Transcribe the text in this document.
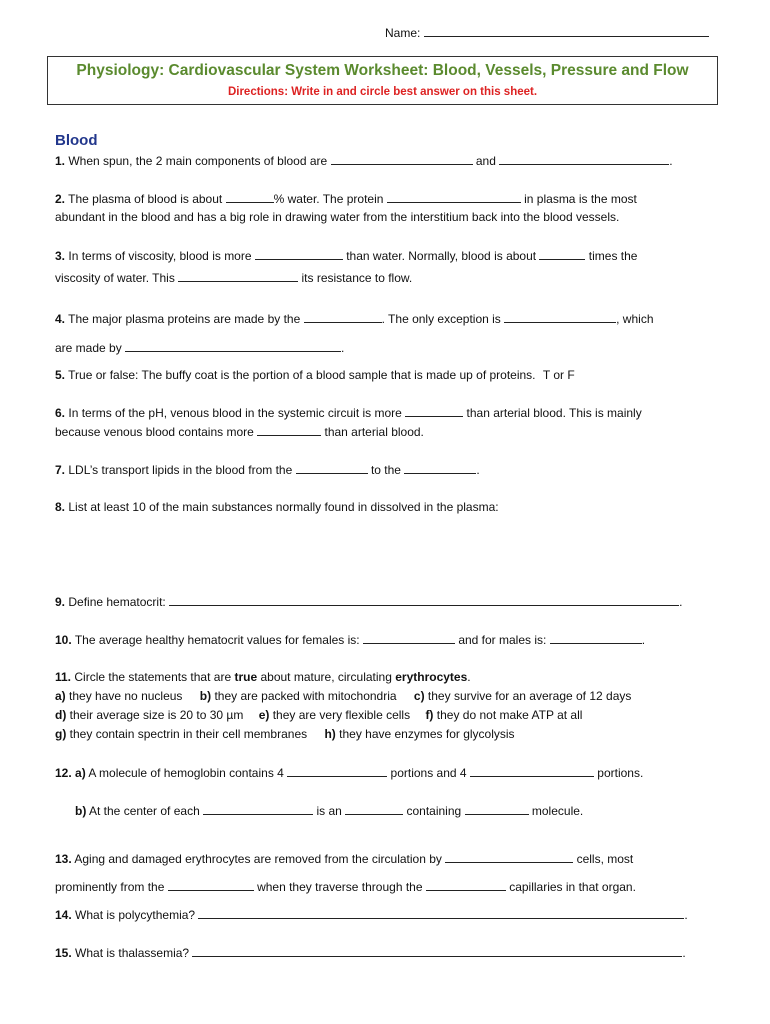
Name:
Physiology: Cardiovascular System Worksheet: Blood, Vessels, Pressure and Flow
Directions: Write in and circle best answer on this sheet.
Blood
1. When spun, the 2 main components of blood are	and	.
2. The plasma of blood is about	% water. The protein	in plasma is the most
abundant in the blood and has a big role in drawing water from the interstitium back into the blood vessels.
3. In terms of viscosity, blood is more	than water. Normally, blood is about	times the
viscosity of water. This	its resistance to flow.
4. The major plasma proteins are made by the	. The only exception is	, which
are made by	.
5. True or false: The buffy coat is the portion of a blood sample that is made up of proteins. T or F
6. In terms of the pH, venous blood in the systemic circuit is more	than arterial blood. This is mainly
because venous blood contains more	than arterial blood.
7. LDL’s transport lipids in the blood from the	to the	.
8. List at least 10 of the main substances normally found in dissolved in the plasma:
9. Define hematocrit:	.
10. The average healthy hematocrit values for females is:	and for males is:	.
11. Circle the statements that are true about mature, circulating erythrocytes.
a) they have no nucleus b) they are packed with mitochondria c) they survive for an average of 12 days
d) their average size is 20 to 30 µm e) they are very flexible cells f) they do not make ATP at all
g) they contain spectrin in their cell membranes h) they have enzymes for glycolysis
12. a) A molecule of hemoglobin contains 4	portions and 4	portions.
b) At the center of each	is an	containing	molecule.
13. Aging and damaged erythrocytes are removed from the circulation by	cells, most
prominently from the	when they traverse through the	capillaries in that organ.
14. What is polycythemia?	.
15. What is thalassemia?	.
